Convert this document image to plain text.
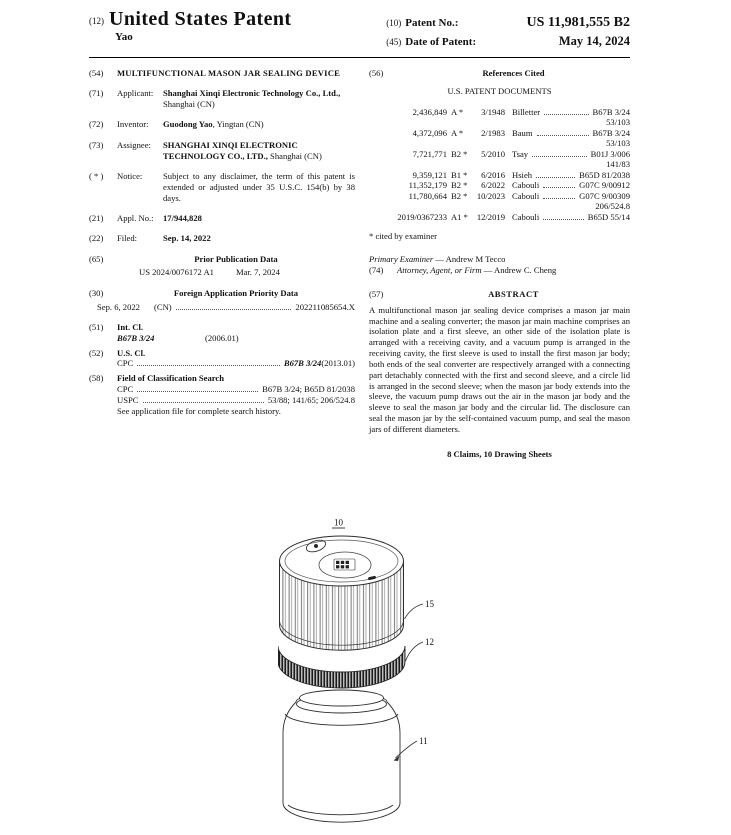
(12) United States Patent
Yao
(10) Patent No.:	US 11,981,555 B2
(45) Date of Patent:	May 14, 2024
(54)	MULTIFUNCTIONAL MASON JAR SEALING DEVICE
(71)	Applicant:	Shanghai Xinqi Electronic Technology Co., Ltd., Shanghai (CN)
(72)	Inventor:	Guodong Yao, Yingtan (CN)
(73)	Assignee:	SHANGHAI XINQI ELECTRONIC TECHNOLOGY CO., LTD., Shanghai (CN)
( * )	Notice:	Subject to any disclaimer, the term of this patent is extended or adjusted under 35 U.S.C. 154(b) by 38 days.
(21)	Appl. No.:	17/944,828
(22)	Filed:	Sep. 14, 2022
(65)	Prior Publication Data
US 2024/0076172 A1	Mar. 7, 2024
(30)	Foreign Application Priority Data
Sep. 6, 2022 (CN)	202211085654.X
(51)	Int. Cl.
B67B 3/24	(2006.01)
(52)	U.S. Cl.
CPC	B67B 3/24 (2013.01)
(58)	Field of Classification Search
CPC	B67B 3/24; B65D 81/2038
USPC	53/88; 141/65; 206/524.8
See application file for complete search history.
(56)	References Cited
U.S. PATENT DOCUMENTS
2,436,849 A *	3/1948 Billetter	B67B 3/24
53/103
4,372,096 A *	2/1983 Baum	B67B 3/24
53/103
7,721,771 B2 *	5/2010 Tsay	B01J 3/006
141/83
9,359,121 B1 *	6/2016 Hsieh	B65D 81/2038
11,352,179 B2 *	6/2022 Cabouli	G07C 9/00912
11,780,664 B2 *	10/2023 Cabouli	G07C 9/00309
206/524.8
2019/0367233 A1 *	12/2019 Cabouli	B65D 55/14
* cited by examiner
Primary Examiner — Andrew M Tecco
(74)	Attorney, Agent, or Firm — Andrew C. Cheng
(57)	ABSTRACT
A multifunctional mason jar sealing device comprises a mason jar main machine and a sealing converter; the mason jar main machine comprises an isolation plate and a first sleeve, an other side of the isolation plate is arranged with a receiving cavity, and a vacuum pump is arranged in the receiving cavity, the first sleeve is used to install the first mason jar body; both ends of the seal converter are respectively arranged with a connecting part detachably connected with the first and second sleeve, and a circle lid is arranged in the second sleeve; when the mason jar body extends into the sleeve, the vacuum pump draws out the air in the mason jar body and the sleeve to seal the mason jar body and the circular lid. The disclosure can seal the mason jar by the self-contained vacuum pump, and seal the mason jars of different diameters.
8 Claims, 10 Drawing Sheets
10
15
12
11
